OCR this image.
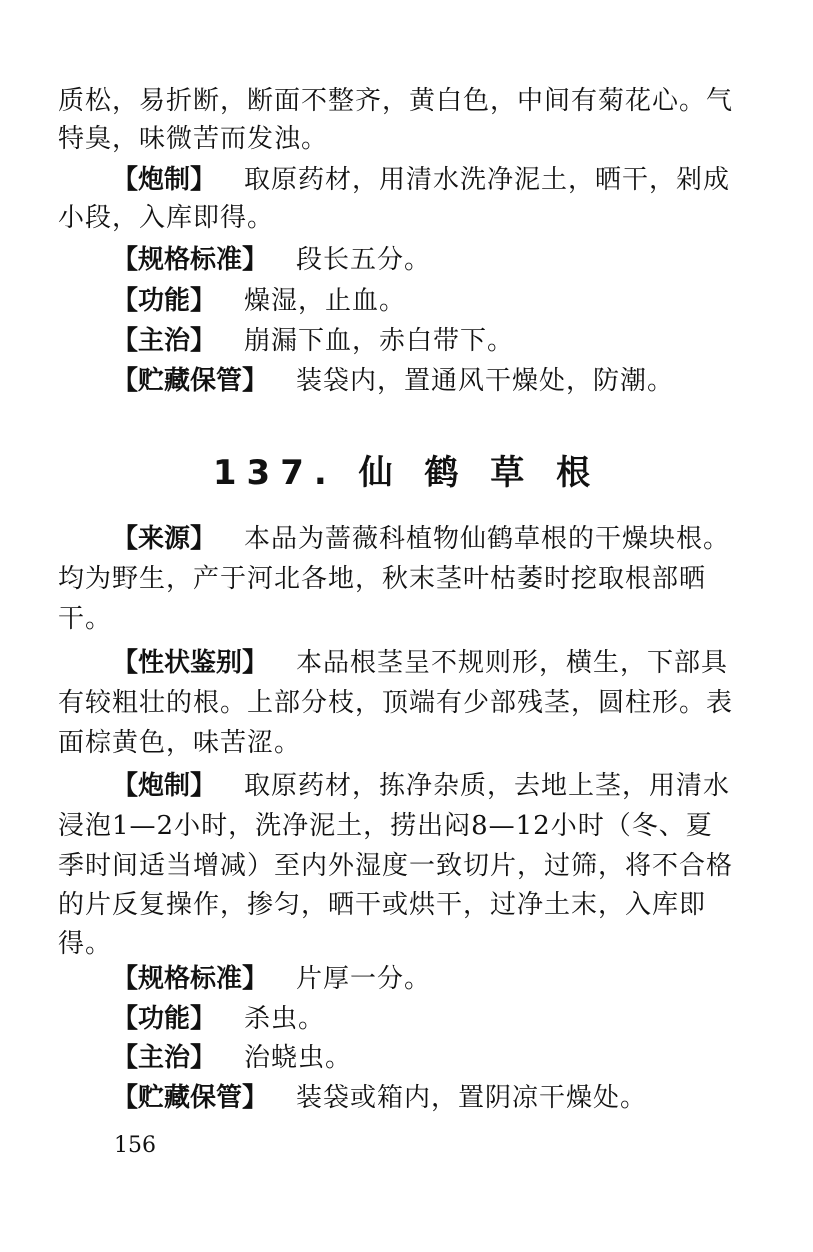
质松，易折断，断面不整齐，黄白色，中间有菊花心。气
特臭，味微苦而发浊。
【炮制】 取原药材，用清水洗净泥土，晒干，剁成
小段，入库即得。
【规格标准】 段长五分。
【功能】 燥湿，止血。
【主治】 崩漏下血，赤白带下。
【贮藏保管】 装袋内，置通风干燥处，防潮。
137. 仙 鹤 草 根
【来源】 本品为蔷薇科植物仙鹤草根的干燥块根。
均为野生，产于河北各地，秋末茎叶枯萎时挖取根部晒
干。
【性状鉴别】 本品根茎呈不规则形，横生，下部具
有较粗壮的根。上部分枝，顶端有少部残茎，圆柱形。表
面棕黄色，味苦涩。
【炮制】 取原药材，拣净杂质，去地上茎，用清水
浸泡1—2小时，洗净泥土，捞出闷8—12小时（冬、夏
季时间适当增减）至内外湿度一致切片，过筛，将不合格
的片反复操作，掺匀，晒干或烘干，过净土末，入库即
得。
【规格标准】 片厚一分。
【功能】 杀虫。
【主治】 治蛲虫。
【贮藏保管】 装袋或箱内，置阴凉干燥处。
156
